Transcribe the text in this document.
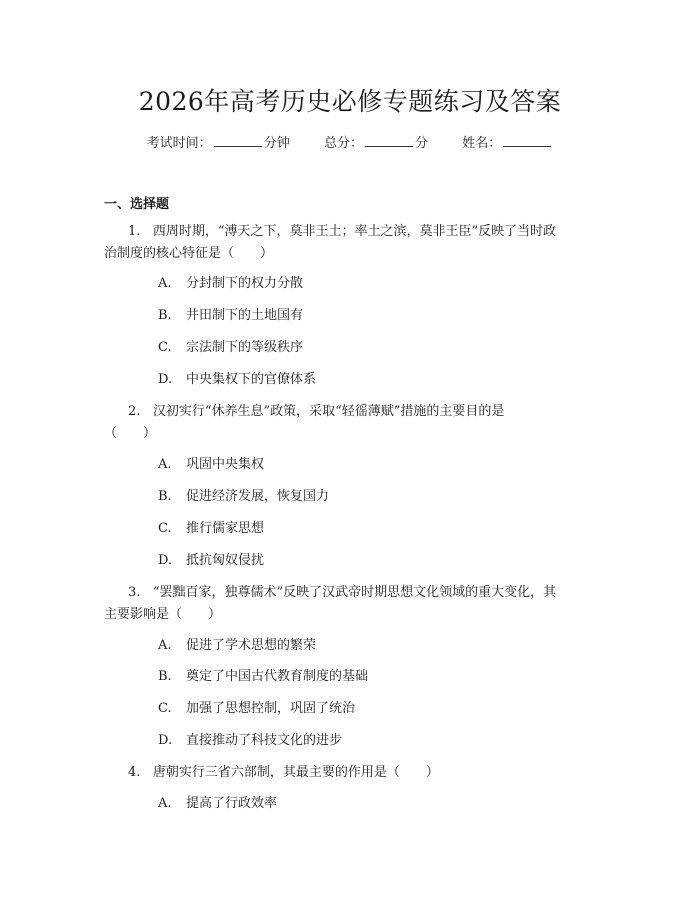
2026年高考历史必修专题练习及答案
考试时间：	分钟	总分：	分	姓名：
一、选择题
1. 西周时期，“溥天之下，莫非王土；率土之滨，莫非王臣”反映了当时政
治制度的核心特征是（　　）
A. 分封制下的权力分散
B. 井田制下的土地国有
C. 宗法制下的等级秩序
D. 中央集权下的官僚体系
2. 汉初实行“休养生息”政策，采取“轻徭薄赋”措施的主要目的是
（　　）
A. 巩固中央集权
B. 促进经济发展，恢复国力
C. 推行儒家思想
D. 抵抗匈奴侵扰
3. “罢黜百家，独尊儒术”反映了汉武帝时期思想文化领域的重大变化，其
主要影响是（　　）
A. 促进了学术思想的繁荣
B. 奠定了中国古代教育制度的基础
C. 加强了思想控制，巩固了统治
D. 直接推动了科技文化的进步
4. 唐朝实行三省六部制，其最主要的作用是（　　）
A. 提高了行政效率
